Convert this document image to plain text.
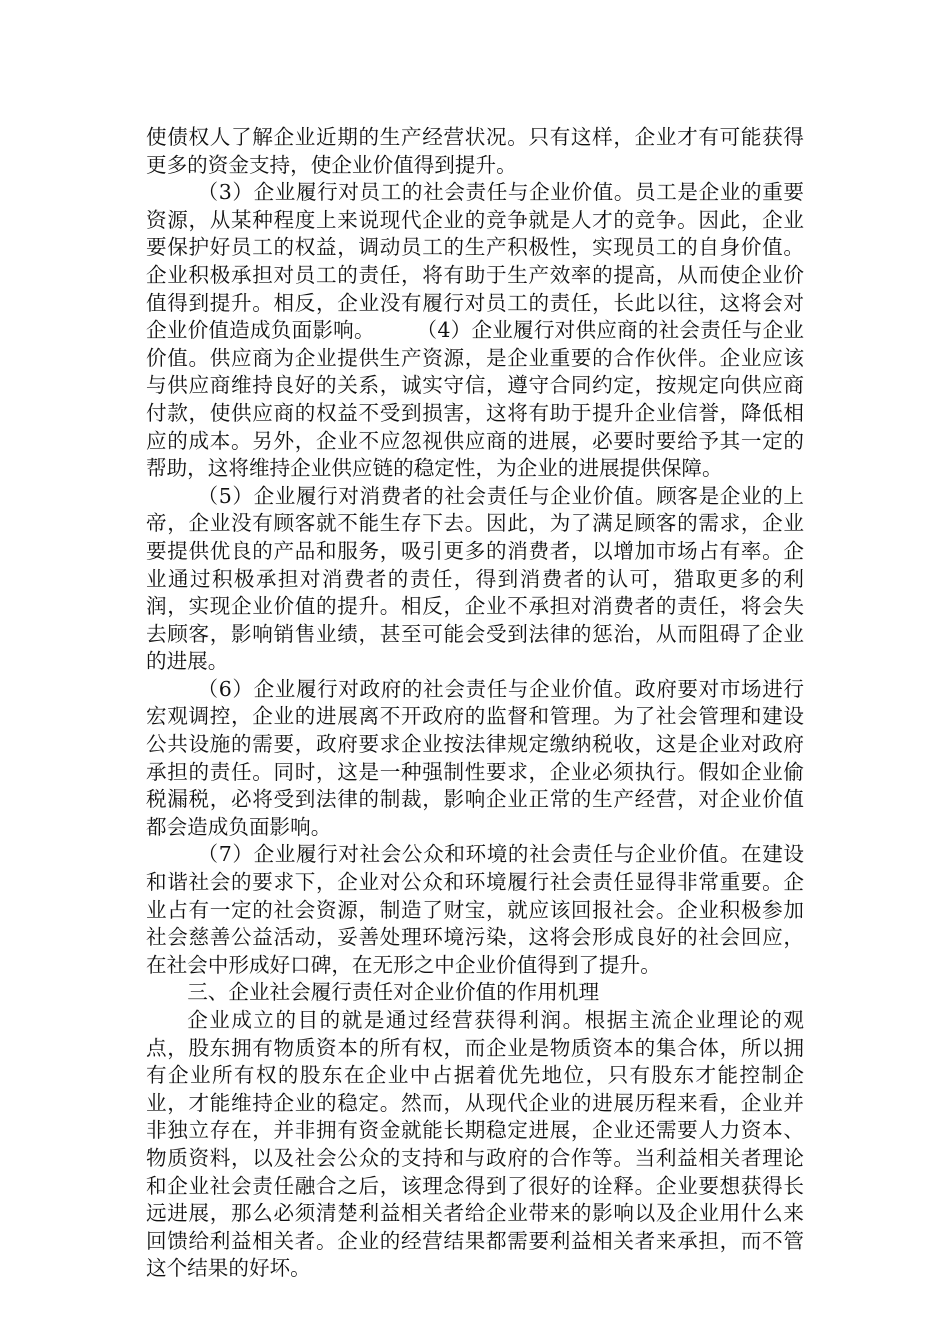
使债权人了解企业近期的生产经营状况。只有这样，企业才有可能获得更多的资金支持，使企业价值得到提升。

（3）企业履行对员工的社会责任与企业价值。员工是企业的重要资源，从某种程度上来说现代企业的竞争就是人才的竞争。因此，企业要保护好员工的权益，调动员工的生产积极性，实现员工的自身价值。企业积极承担对员工的责任，将有助于生产效率的提高，从而使企业价值得到提升。相反，企业没有履行对员工的责任，长此以往，这将会对企业价值造成负面影响。　　　（4）企业履行对供应商的社会责任与企业价值。供应商为企业提供生产资源，是企业重要的合作伙伴。企业应该与供应商维持良好的关系，诚实守信，遵守合同约定，按规定向供应商付款，使供应商的权益不受到损害，这将有助于提升企业信誉，降低相应的成本。另外，企业不应忽视供应商的进展，必要时要给予其一定的帮助，这将维持企业供应链的稳定性，为企业的进展提供保障。

（5）企业履行对消费者的社会责任与企业价值。顾客是企业的上帝，企业没有顾客就不能生存下去。因此，为了满足顾客的需求，企业要提供优良的产品和服务，吸引更多的消费者，以增加市场占有率。企业通过积极承担对消费者的责任，得到消费者的认可，猎取更多的利润，实现企业价值的提升。相反，企业不承担对消费者的责任，将会失去顾客，影响销售业绩，甚至可能会受到法律的惩治，从而阻碍了企业的进展。

（6）企业履行对政府的社会责任与企业价值。政府要对市场进行宏观调控，企业的进展离不开政府的监督和管理。为了社会管理和建设公共设施的需要，政府要求企业按法律规定缴纳税收，这是企业对政府承担的责任。同时，这是一种强制性要求，企业必须执行。假如企业偷税漏税，必将受到法律的制裁，影响企业正常的生产经营，对企业价值都会造成负面影响。

（7）企业履行对社会公众和环境的社会责任与企业价值。在建设和谐社会的要求下，企业对公众和环境履行社会责任显得非常重要。企业占有一定的社会资源，制造了财宝，就应该回报社会。企业积极参加社会慈善公益活动，妥善处理环境污染，这将会形成良好的社会回应，在社会中形成好口碑，在无形之中企业价值得到了提升。

三、企业社会履行责任对企业价值的作用机理

企业成立的目的就是通过经营获得利润。根据主流企业理论的观点，股东拥有物质资本的所有权，而企业是物质资本的集合体，所以拥有企业所有权的股东在企业中占据着优先地位，只有股东才能控制企业，才能维持企业的稳定。然而，从现代企业的进展历程来看，企业并非独立存在，并非拥有资金就能长期稳定进展，企业还需要人力资本、物质资料，以及社会公众的支持和与政府的合作等。当利益相关者理论和企业社会责任融合之后，该理念得到了很好的诠释。企业要想获得长远进展，那么必须清楚利益相关者给企业带来的影响以及企业用什么来回馈给利益相关者。企业的经营结果都需要利益相关者来承担，而不管这个结果的好坏。
